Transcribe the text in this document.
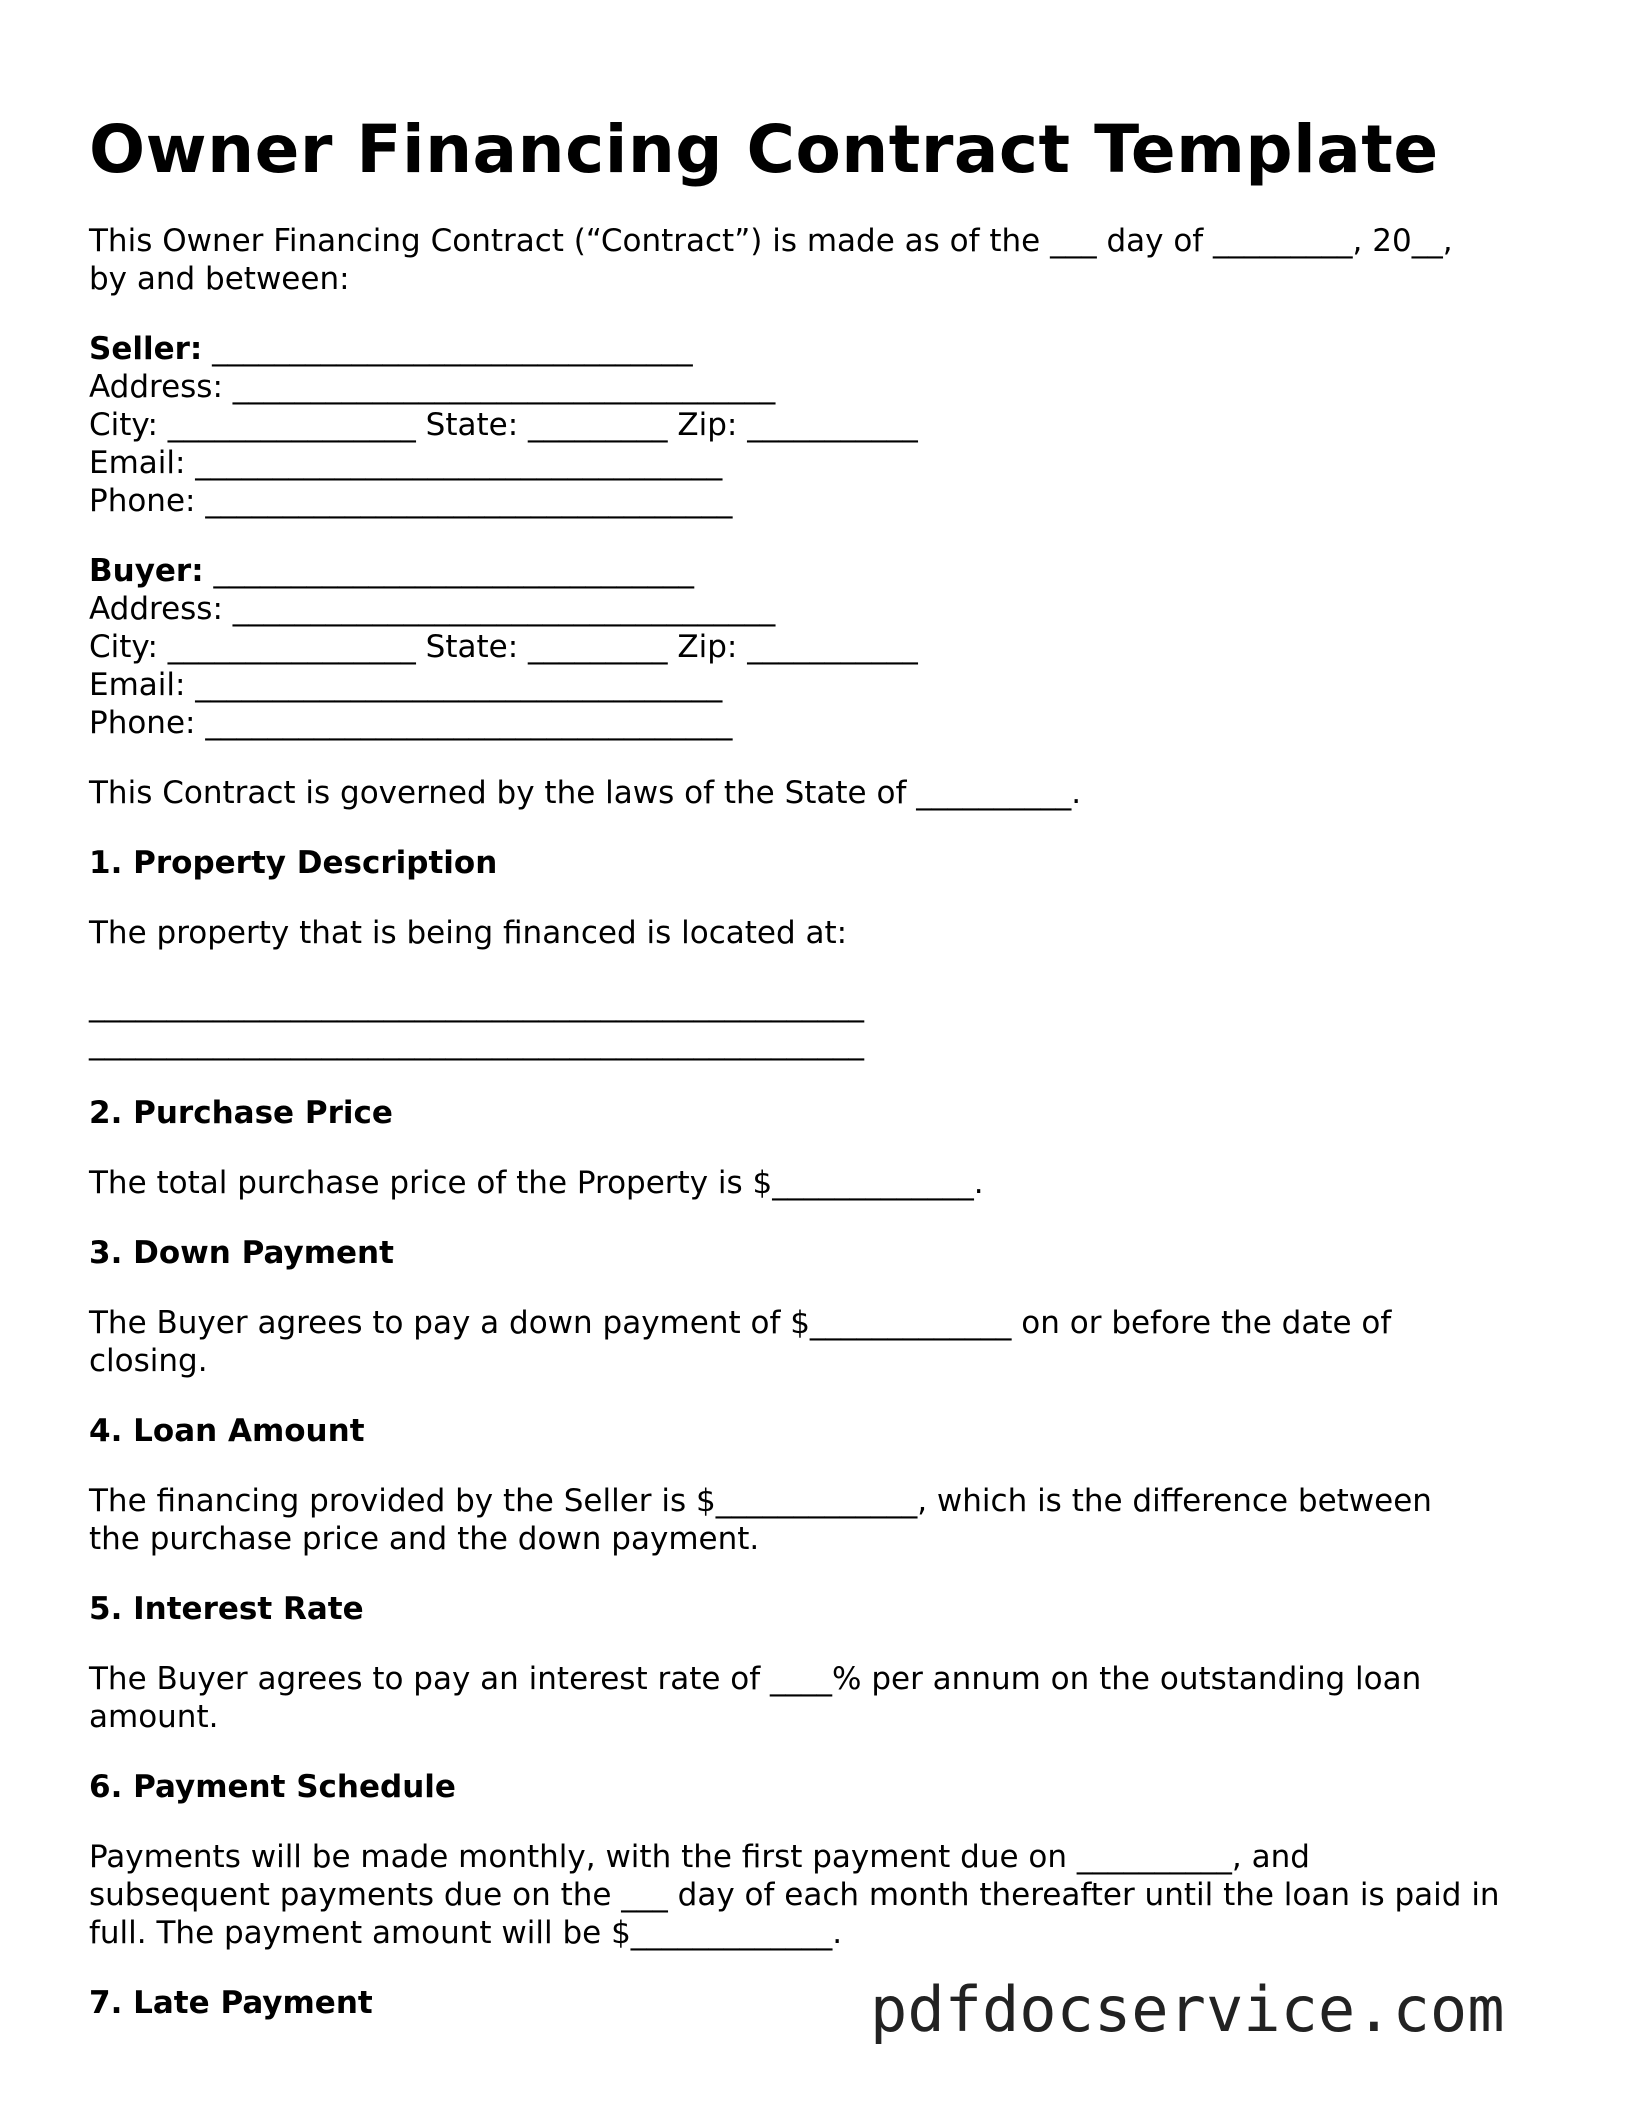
Owner Financing Contract Template
This Owner Financing Contract (“Contract”) is made as of the ___ day of _________, 20__,
by and between:
Seller: _______________________________
Address: ___________________________________
City: ________________ State: _________ Zip: ___________
Email: __________________________________
Phone: __________________________________
Buyer: _______________________________
Address: ___________________________________
City: ________________ State: _________ Zip: ___________
Email: __________________________________
Phone: __________________________________
This Contract is governed by the laws of the State of __________.
1. Property Description
The property that is being financed is located at:
__________________________________________________
__________________________________________________
2. Purchase Price
The total purchase price of the Property is $_____________.
3. Down Payment
The Buyer agrees to pay a down payment of $_____________ on or before the date of
closing.
4. Loan Amount
The financing provided by the Seller is $_____________, which is the difference between
the purchase price and the down payment.
5. Interest Rate
The Buyer agrees to pay an interest rate of ____% per annum on the outstanding loan
amount.
6. Payment Schedule
Payments will be made monthly, with the first payment due on __________, and
subsequent payments due on the ___ day of each month thereafter until the loan is paid in
full. The payment amount will be $_____________.
7. Late Payment	pdfdocservice.com
